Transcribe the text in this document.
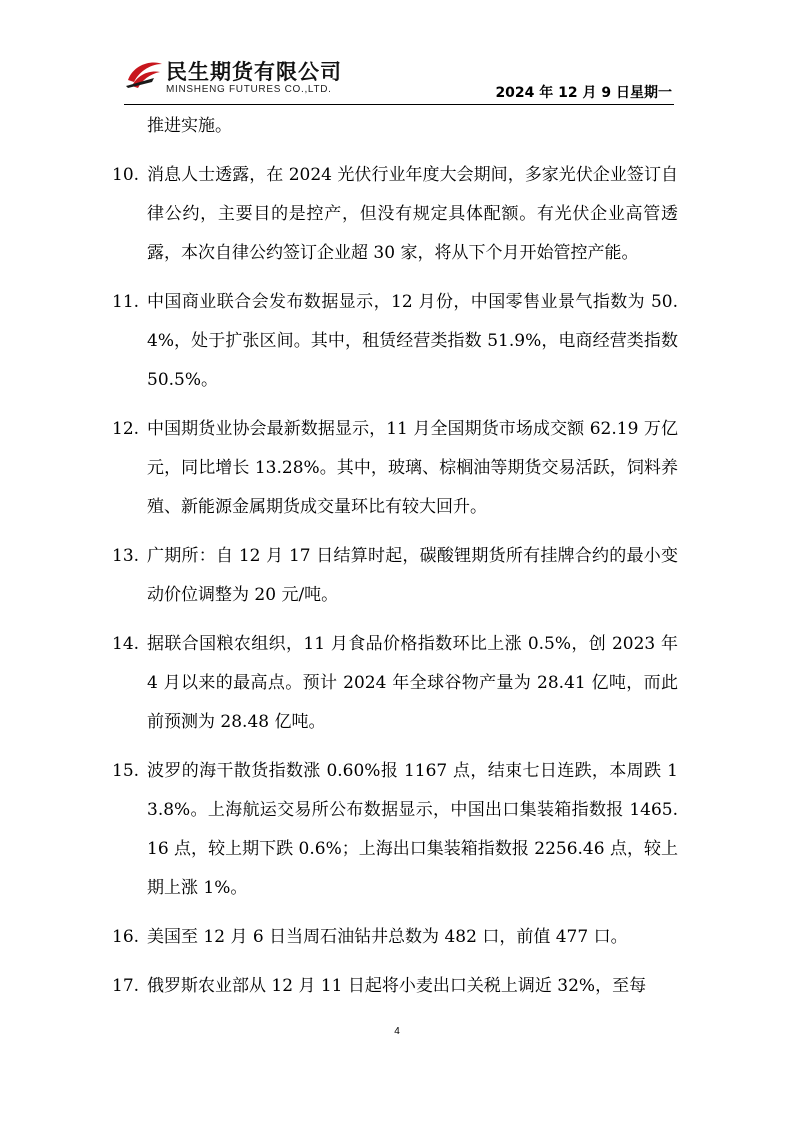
民生期货有限公司
MINSHENG FUTURES CO.,LTD.	2024 年 12 月 9 日星期一

推进实施。

10. 消息人士透露，在 2024 光伏行业年度大会期间，多家光伏企业签订自律公约，主要目的是控产，但没有规定具体配额。有光伏企业高管透露，本次自律公约签订企业超 30 家，将从下个月开始管控产能。
11. 中国商业联合会发布数据显示，12 月份，中国零售业景气指数为 50.4%，处于扩张区间。其中，租赁经营类指数 51.9%，电商经营类指数 50.5%。
12. 中国期货业协会最新数据显示，11 月全国期货市场成交额 62.19 万亿元，同比增长 13.28%。其中，玻璃、棕榈油等期货交易活跃，饲料养殖、新能源金属期货成交量环比有较大回升。
13. 广期所：自 12 月 17 日结算时起，碳酸锂期货所有挂牌合约的最小变动价位调整为 20 元/吨。
14. 据联合国粮农组织，11 月食品价格指数环比上涨 0.5%，创 2023 年 4 月以来的最高点。预计 2024 年全球谷物产量为 28.41 亿吨，而此前预测为 28.48 亿吨。
15. 波罗的海干散货指数涨 0.60%报 1167 点，结束七日连跌，本周跌 13.8%。上海航运交易所公布数据显示，中国出口集装箱指数报 1465.16 点，较上期下跌 0.6%；上海出口集装箱指数报 2256.46 点，较上期上涨 1%。
16. 美国至 12 月 6 日当周石油钻井总数为 482 口，前值 477 口。
17. 俄罗斯农业部从 12 月 11 日起将小麦出口关税上调近 32%，至每
4
